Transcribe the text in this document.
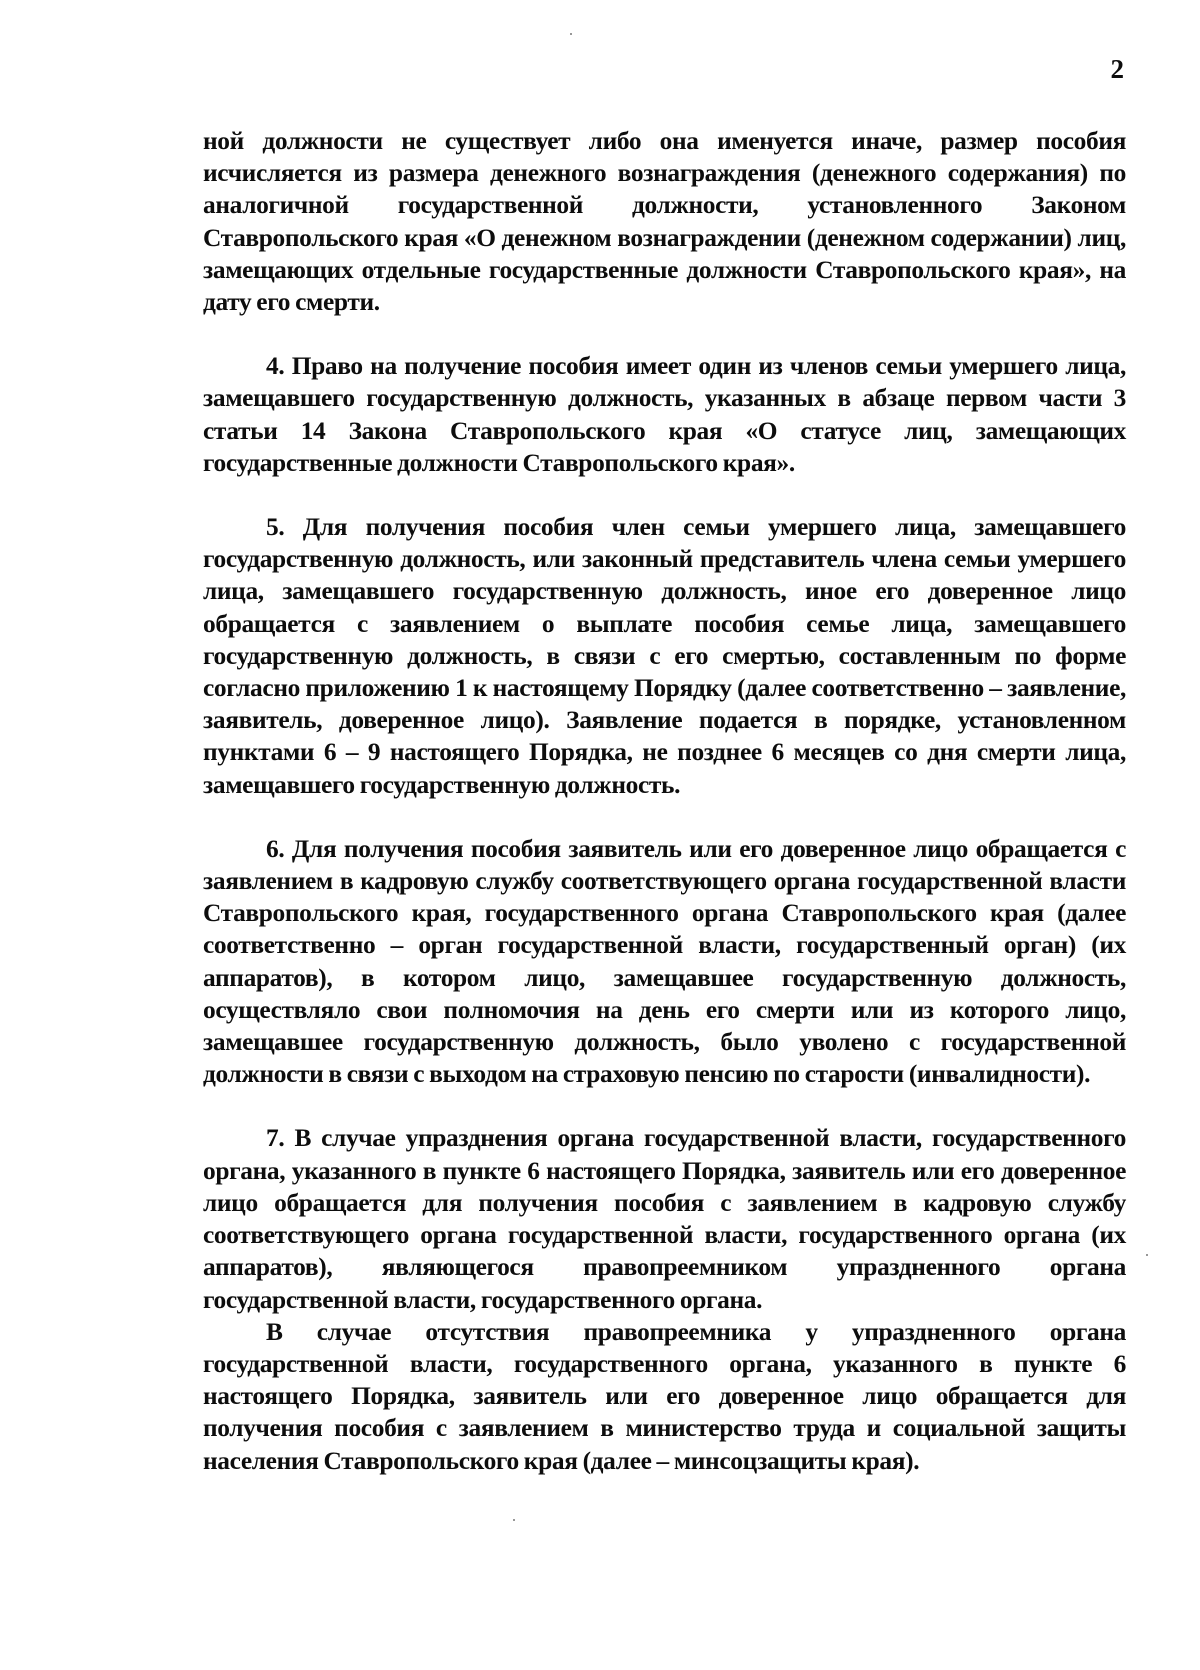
2

ной должности не существует либо она именуется иначе, размер пособия исчисляется из размера денежного вознаграждения (денежного содержания) по аналогичной государственной должности, установленного Законом Ставропольского края «О денежном вознаграждении (денежном содержании) лиц, замещающих отдельные государственные должности Ставропольского края», на дату его смерти.

4. Право на получение пособия имеет один из членов семьи умершего лица, замещавшего государственную должность, указанных в абзаце первом части 3 статьи 14 Закона Ставропольского края «О статусе лиц, замещающих государственные должности Ставропольского края».

5. Для получения пособия член семьи умершего лица, замещавшего государственную должность, или законный представитель члена семьи умершего лица, замещавшего государственную должность, иное его доверенное лицо обращается с заявлением о выплате пособия семье лица, замещавшего государственную должность, в связи с его смертью, составленным по форме согласно приложению 1 к настоящему Порядку (далее соответственно – заявление, заявитель, доверенное лицо). Заявление подается в порядке, установленном пунктами 6 – 9 настоящего Порядка, не позднее 6 месяцев со дня смерти лица, замещавшего государственную должность.

6. Для получения пособия заявитель или его доверенное лицо обращается с заявлением в кадровую службу соответствующего органа государственной власти Ставропольского края, государственного органа Ставропольского края (далее соответственно – орган государственной власти, государственный орган) (их аппаратов), в котором лицо, замещавшее государственную должность, осуществляло свои полномочия на день его смерти или из которого лицо, замещавшее государственную должность, было уволено с государственной должности в связи с выходом на страховую пенсию по старости (инвалидности).

7. В случае упразднения органа государственной власти, государственного органа, указанного в пункте 6 настоящего Порядка, заявитель или его доверенное лицо обращается для получения пособия с заявлением в кадровую службу соответствующего органа государственной власти, государственного органа (их аппаратов), являющегося правопреемником упраздненного органа государственной власти, государственного органа.

В случае отсутствия правопреемника у упраздненного органа государственной власти, государственного органа, указанного в пункте 6 настоящего Порядка, заявитель или его доверенное лицо обращается для получения пособия с заявлением в министерство труда и социальной защиты населения Ставропольского края (далее – минсоцзащиты края).
